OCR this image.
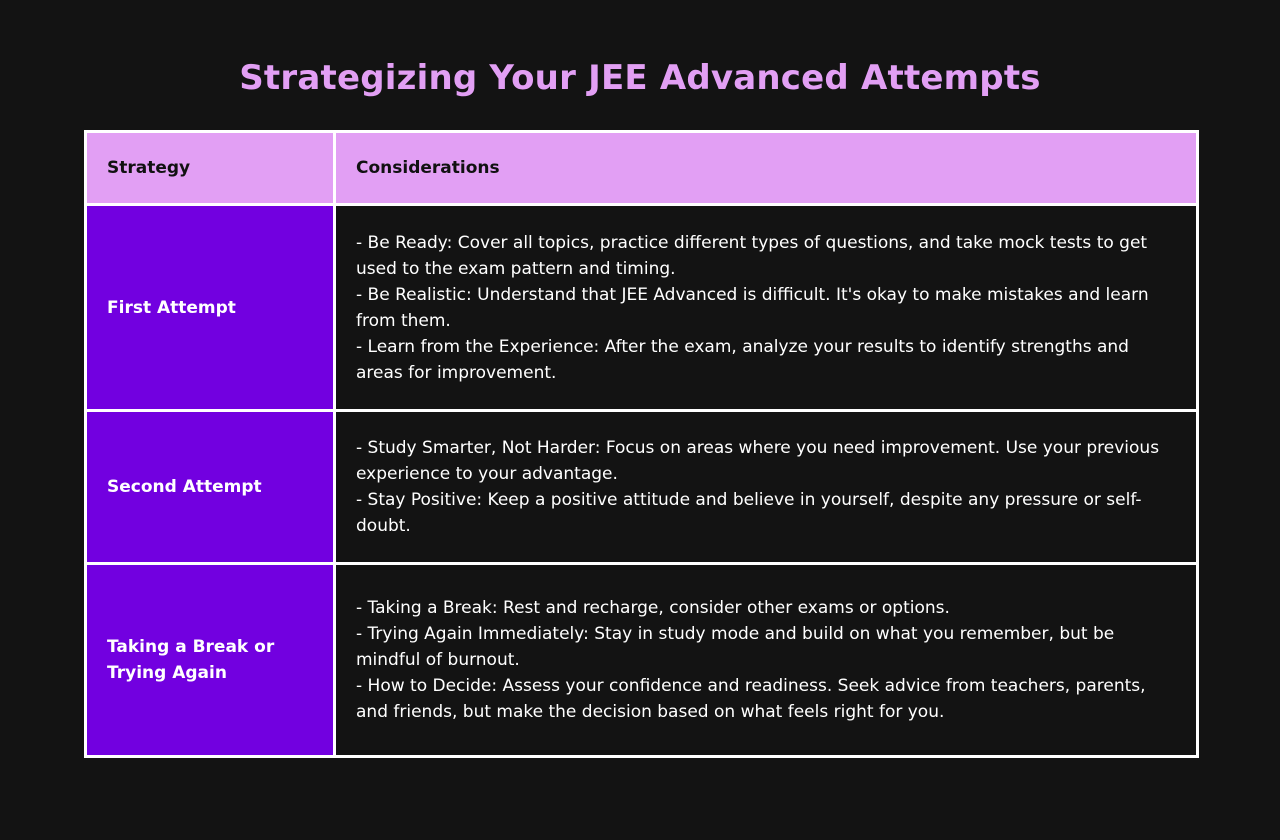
Strategizing Your JEE Advanced Attempts
Strategy	Considerations
First Attempt	- Be Ready: Cover all topics, practice different types of questions, and take mock tests to get used to the exam pattern and timing.
- Be Realistic: Understand that JEE Advanced is difficult. It's okay to make mistakes and learn from them.
- Learn from the Experience: After the exam, analyze your results to identify strengths and areas for improvement.

Second Attempt	- Study Smarter, Not Harder: Focus on areas where you need improvement. Use your previous experience to your advantage.
- Stay Positive: Keep a positive attitude and believe in yourself, despite any pressure or self-doubt.

Taking a Break or Trying Again	- Taking a Break: Rest and recharge, consider other exams or options.
- Trying Again Immediately: Stay in study mode and build on what you remember, but be mindful of burnout.
- How to Decide: Assess your confidence and readiness. Seek advice from teachers, parents, and friends, but make the decision based on what feels right for you.
